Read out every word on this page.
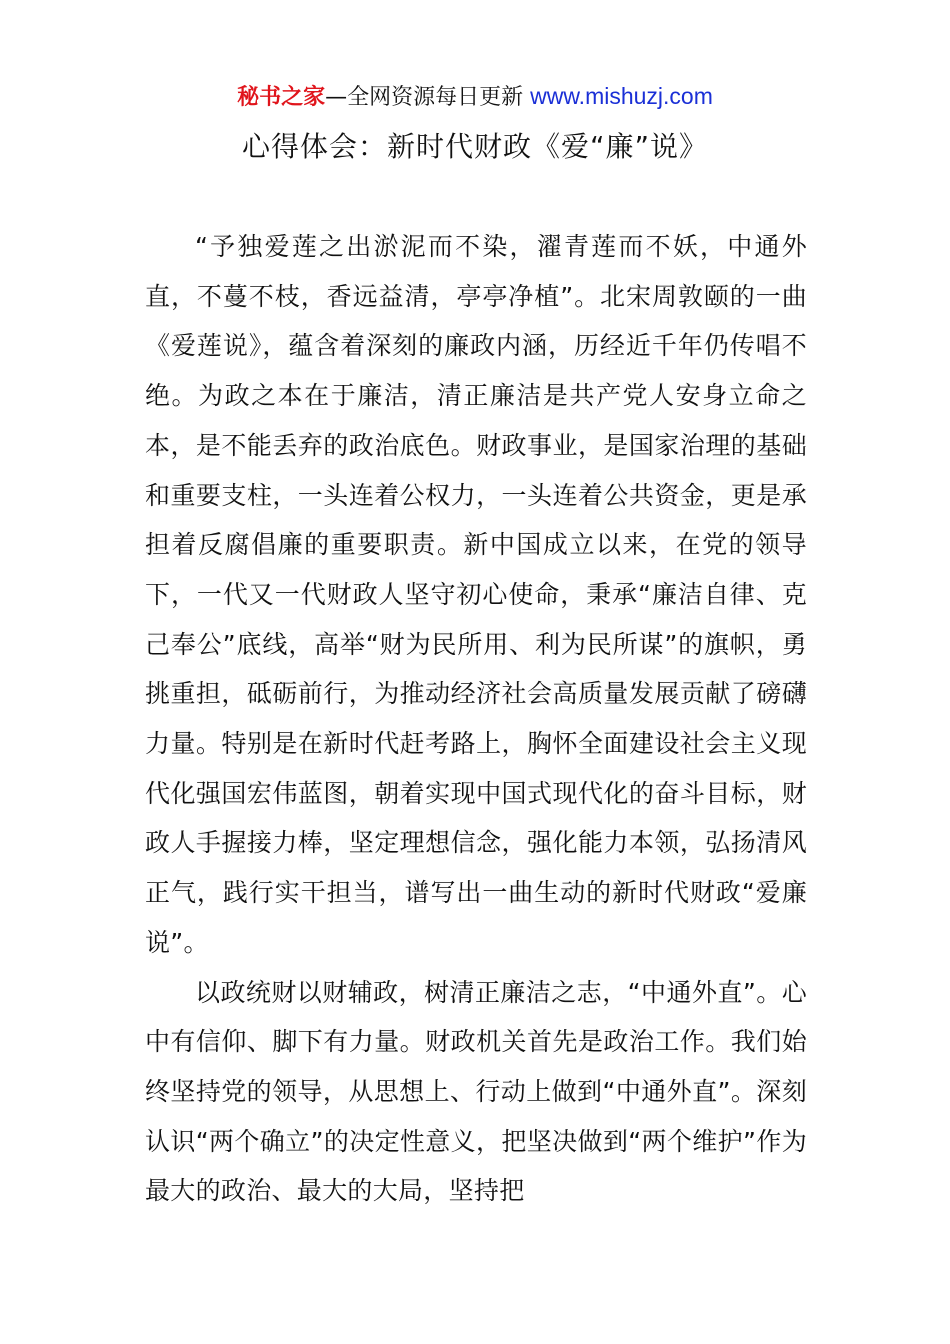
秘书之家—全网资源每日更新 www.mishuzj.com
心得体会：新时代财政《爱“廉”说》

“予独爱莲之出淤泥而不染，濯青莲而不妖，中通外直，不蔓不枝，香远益清，亭亭净植”。北宋周敦颐的一曲《爱莲说》，蕴含着深刻的廉政内涵，历经近千年仍传唱不绝。为政之本在于廉洁，清正廉洁是共产党人安身立命之本，是不能丢弃的政治底色。财政事业，是国家治理的基础和重要支柱，一头连着公权力，一头连着公共资金，更是承担着反腐倡廉的重要职责。新中国成立以来，在党的领导下，一代又一代财政人坚守初心使命，秉承“廉洁自律、克己奉公”底线，高举“财为民所用、利为民所谋”的旗帜，勇挑重担，砥砺前行，为推动经济社会高质量发展贡献了磅礴力量。特别是在新时代赶考路上，胸怀全面建设社会主义现代化强国宏伟蓝图，朝着实现中国式现代化的奋斗目标，财政人手握接力棒，坚定理想信念，强化能力本领，弘扬清风正气，践行实干担当，谱写出一曲生动的新时代财政“爱廉说”。

以政统财以财辅政，树清正廉洁之志，“中通外直”。心中有信仰、脚下有力量。财政机关首先是政治工作。我们始终坚持党的领导，从思想上、行动上做到“中通外直”。深刻认识“两个确立”的决定性意义，把坚决做到“两个维护”作为最大的政治、最大的大局，坚持把
